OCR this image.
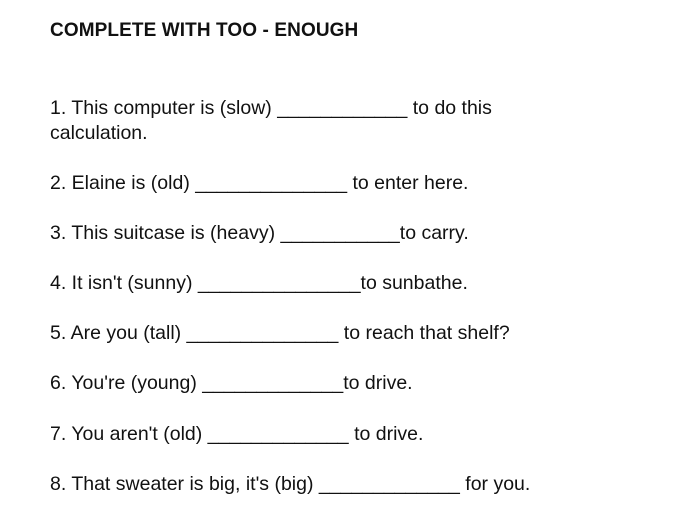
COMPLETE WITH TOO - ENOUGH
1. This computer is (slow) ____________ to do this
calculation.
2. Elaine is (old) ______________ to enter here.
3. This suitcase is (heavy) ___________to carry.
4. It isn't (sunny) _______________to sunbathe.
5. Are you (tall) ______________ to reach that shelf?
6. You're (young) _____________to drive.
7. You aren't (old) _____________ to drive.
8. That sweater is big, it's (big) _____________ for you.
